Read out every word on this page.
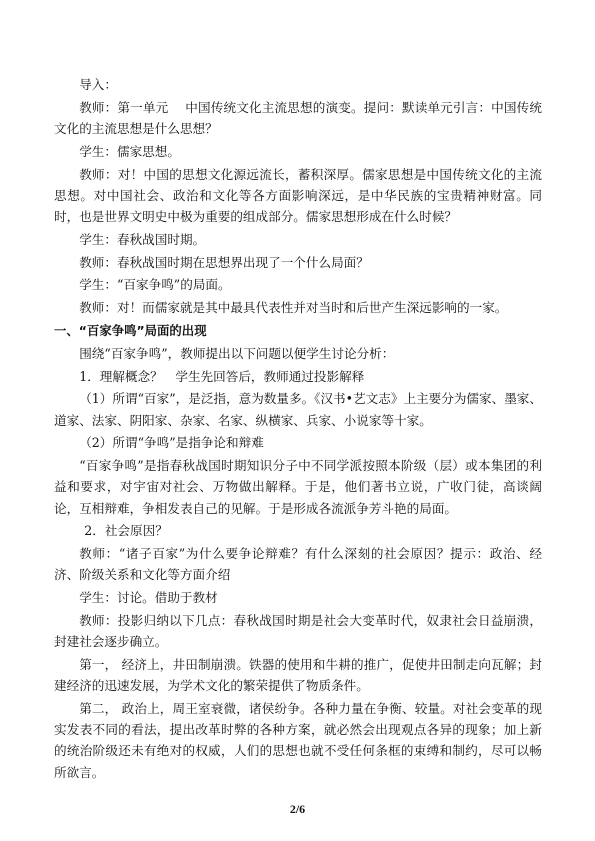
导入：

教师：第一单元　 中国传统文化主流思想的演变。提问：默读单元引言：中国传统文化的主流思想是什么思想？

学生：儒家思想。

教师：对！中国的思想文化源远流长，蓄积深厚。儒家思想是中国传统文化的主流思想。对中国社会、政治和文化等各方面影响深远，是中华民族的宝贵精神财富。同时，也是世界文明史中极为重要的组成部分。儒家思想形成在什么时候？

学生：春秋战国时期。

教师：春秋战国时期在思想界出现了一个什么局面？

学生：“百家争鸣”的局面。

教师：对！而儒家就是其中最具代表性并对当时和后世产生深远影响的一家。

一、“百家争鸣”局面的出现

围绕“百家争鸣”，教师提出以下问题以便学生讨论分析：

1．理解概念？　学生先回答后，教师通过投影解释

（1）所谓“百家”，是泛指，意为数量多。《汉书•艺文志》上主要分为儒家、墨家、道家、法家、阴阳家、杂家、名家、纵横家、兵家、小说家等十家。

（2）所谓“争鸣”是指争论和辩难

“百家争鸣”是指春秋战国时期知识分子中不同学派按照本阶级（层）或本集团的利益和要求，对宇宙对社会、万物做出解释。于是，他们著书立说，广收门徒，高谈阔论，互相辩难，争相发表自己的见解。于是形成各流派争芳斗艳的局面。

2．社会原因？

教师：“诸子百家”为什么要争论辩难？有什么深刻的社会原因？提示：政治、经济、阶级关系和文化等方面介绍

学生：讨论。借助于教材

教师：投影归纳以下几点：春秋战国时期是社会大变革时代，奴隶社会日益崩溃，封建社会逐步确立。

第一， 经济上，井田制崩溃。铁器的使用和牛耕的推广，促使井田制走向瓦解；封建经济的迅速发展，为学术文化的繁荣提供了物质条件。

第二， 政治上，周王室衰微，诸侯纷争。各种力量在争衡、较量。对社会变革的现实发表不同的看法，提出改革时弊的各种方案，就必然会出现观点各异的现象；加上新的统治阶级还未有绝对的权威，人们的思想也就不受任何条框的束缚和制约，尽可以畅所欲言。

2/6
